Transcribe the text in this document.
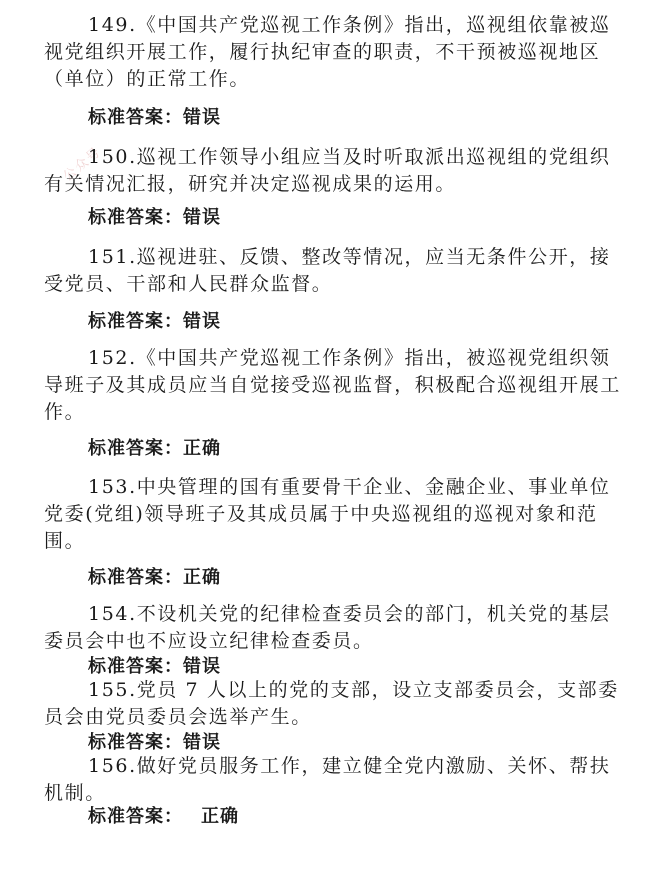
公众号

149.《中国共产党巡视工作条例》指出，巡视组依靠被巡视党组织开展工作，履行执纪审查的职责，不干预被巡视地区（单位）的正常工作。

标准答案：错误

150.巡视工作领导小组应当及时听取派出巡视组的党组织有关情况汇报，研究并决定巡视成果的运用。

标准答案：错误

151.巡视进驻、反馈、整改等情况，应当无条件公开，接受党员、干部和人民群众监督。

标准答案：错误

152.《中国共产党巡视工作条例》指出，被巡视党组织领导班子及其成员应当自觉接受巡视监督，积极配合巡视组开展工作。

标准答案：正确

153.中央管理的国有重要骨干企业、金融企业、事业单位党委(党组)领导班子及其成员属于中央巡视组的巡视对象和范围。

标准答案：正确

154.不设机关党的纪律检查委员会的部门，机关党的基层委员会中也不应设立纪律检查委员。

标准答案：错误

155.党员 7 人以上的党的支部，设立支部委员会，支部委员会由党员委员会选举产生。

标准答案：错误

156.做好党员服务工作，建立健全党内激励、关怀、帮扶机制。

标准答案： 正确
